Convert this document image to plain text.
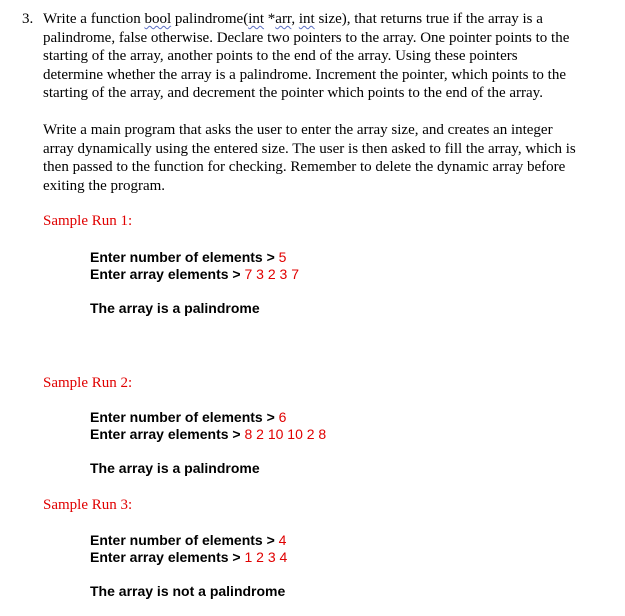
3. Write a function bool palindrome(int *arr, int size), that returns true if the array is a
palindrome, false otherwise. Declare two pointers to the array. One pointer points to the
starting of the array, another points to the end of the array. Using these pointers
determine whether the array is a palindrome. Increment the pointer, which points to the
starting of the array, and decrement the pointer which points to the end of the array.
Write a main program that asks the user to enter the array size, and creates an integer
array dynamically using the entered size. The user is then asked to fill the array, which is
then passed to the function for checking. Remember to delete the dynamic array before
exiting the program.
Sample Run 1:
Enter number of elements > 5
Enter array elements > 7 3 2 3 7
The array is a palindrome
Sample Run 2:
Enter number of elements > 6
Enter array elements > 8 2 10 10 2 8
The array is a palindrome
Sample Run 3:
Enter number of elements > 4
Enter array elements > 1 2 3 4
The array is not a palindrome
